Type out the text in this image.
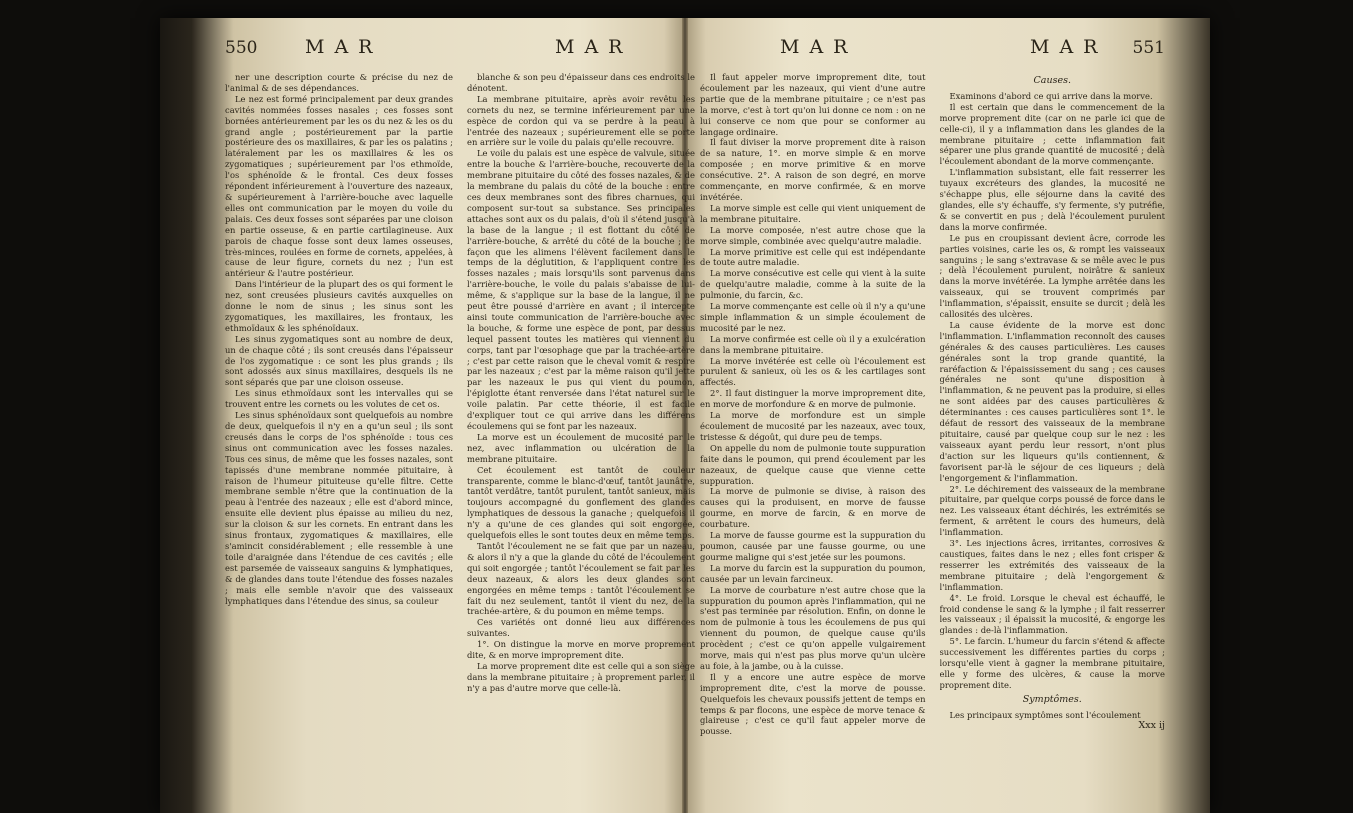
550	MAR	MAR

ner une description courte & précise du nez de l'animal & de ses dépendances.

Le nez est formé principalement par deux grandes cavités nommées fosses nasales ; ces fosses sont bornées antérieurement par les os du nez & les os du grand angle ; postérieurement par la partie postérieure des os maxillaires, & par les os palatins ; latéralement par les os maxillaires & les os zygomatiques ; supérieurement par l'os ethmoïde, l'os sphénoïde & le frontal. Ces deux fosses répondent inférieurement à l'ouverture des nazeaux, & supérieurement à l'arrière-bouche avec laquelle elles ont communication par le moyen du voile du palais. Ces deux fosses sont séparées par une cloison en partie osseuse, & en partie cartilagineuse. Aux parois de chaque fosse sont deux lames osseuses, très-minces, roulées en forme de cornets, appelées, à cause de leur figure, cornets du nez ; l'un est antérieur & l'autre postérieur.

Dans l'intérieur de la plupart des os qui forment le nez, sont creusées plusieurs cavités auxquelles on donne le nom de sinus ; les sinus sont les zygomatiques, les maxillaires, les frontaux, les ethmoïdaux & les sphénoïdaux.

Les sinus zygomatiques sont au nombre de deux, un de chaque côté ; ils sont creusés dans l'épaisseur de l'os zygomatique : ce sont les plus grands ; ils sont adossés aux sinus maxillaires, desquels ils ne sont séparés que par une cloison osseuse.

Les sinus ethmoïdaux sont les intervalles qui se trouvent entre les cornets ou les volutes de cet os.

Les sinus sphénoïdaux sont quelquefois au nombre de deux, quelquefois il n'y en a qu'un seul ; ils sont creusés dans le corps de l'os sphénoïde : tous ces sinus ont communication avec les fosses nazales. Tous ces sinus, de même que les fosses nazales, sont tapissés d'une membrane nommée pituitaire, à raison de l'humeur pituiteuse qu'elle filtre. Cette membrane semble n'être que la continuation de la peau à l'entrée des nazeaux ; elle est d'abord mince, ensuite elle devient plus épaisse au milieu du nez, sur la cloison & sur les cornets. En entrant dans les sinus frontaux, zygomatiques & maxillaires, elle s'amincit considérablement ; elle ressemble à une toile d'araignée dans l'étendue de ces cavités ; elle est parsemée de vaisseaux sanguins & lymphatiques, & de glandes dans toute l'étendue des fosses nazales ; mais elle semble n'avoir que des vaisseaux lymphatiques dans l'étendue des sinus, sa couleur

blanche & son peu d'épaisseur dans ces endroits le dénotent.

La membrane pituitaire, après avoir revêtu les cornets du nez, se termine inférieurement par une espèce de cordon qui va se perdre à la peau à l'entrée des nazeaux ; supérieurement elle se porte en arrière sur le voile du palais qu'elle recouvre.

Le voile du palais est une espèce de valvule, située entre la bouche & l'arrière-bouche, recouverte de la membrane pituitaire du côté des fosses nazales, & de la membrane du palais du côté de la bouche : entre ces deux membranes sont des fibres charnues, qui composent sur-tout sa substance. Ses principales attaches sont aux os du palais, d'où il s'étend jusqu'à la base de la langue ; il est flottant du côté de l'arrière-bouche, & arrêté du côté de la bouche ; de façon que les alimens l'élèvent facilement dans le temps de la déglutition, & l'appliquent contre les fosses nazales ; mais lorsqu'ils sont parvenus dans l'arrière-bouche, le voile du palais s'abaisse de lui-même, & s'applique sur la base de la langue, il ne peut être poussé d'arrière en avant ; il intercepte ainsi toute communication de l'arrière-bouche avec la bouche, & forme une espèce de pont, par dessus lequel passent toutes les matières qui viennent du corps, tant par l'œsophage que par la trachée-artère ; c'est par cette raison que le cheval vomit & respire par les nazeaux ; c'est par la même raison qu'il jette par les nazeaux le pus qui vient du poumon, l'épiglotte étant renversée dans l'état naturel sur le voile palatin. Par cette théorie, il est facile d'expliquer tout ce qui arrive dans les différens écoulemens qui se font par les nazeaux.

La morve est un écoulement de mucosité par le nez, avec inflammation ou ulcération de la membrane pituitaire.

Cet écoulement est tantôt de couleur transparente, comme le blanc-d'œuf, tantôt jaunâtre, tantôt verdâtre, tantôt purulent, tantôt sanieux, mais toujours accompagné du gonflement des glandes lymphatiques de dessous la ganache ; quelquefois il n'y a qu'une de ces glandes qui soit engorgée, quelquefois elles le sont toutes deux en même temps.

Tantôt l'écoulement ne se fait que par un nazeau, & alors il n'y a que la glande du côté de l'écoulement qui soit engorgée ; tantôt l'écoulement se fait par les deux nazeaux, & alors les deux glandes sont engorgées en même temps : tantôt l'écoulement se fait du nez seulement, tantôt il vient du nez, de la trachée-artère, & du poumon en même temps.

Ces variétés ont donné lieu aux différences suivantes.

1°. On distingue la morve en morve proprement dite, & en morve improprement dite.

La morve proprement dite est celle qui a son siège dans la membrane pituitaire ; à proprement parler, il n'y a pas d'autre morve que celle-là.

MAR	MAR 551

Il faut appeler morve improprement dite, tout écoulement par les nazeaux, qui vient d'une autre partie que de la membrane pituitaire ; ce n'est pas la morve, c'est à tort qu'on lui donne ce nom : on ne lui conserve ce nom que pour se conformer au langage ordinaire.

Il faut diviser la morve proprement dite à raison de sa nature, 1°. en morve simple & en morve composée ; en morve primitive & en morve consécutive. 2°. A raison de son degré, en morve commençante, en morve confirmée, & en morve invétérée.

La morve simple est celle qui vient uniquement de la membrane pituitaire.

La morve composée, n'est autre chose que la morve simple, combinée avec quelqu'autre maladie.

La morve primitive est celle qui est indépendante de toute autre maladie.

La morve consécutive est celle qui vient à la suite de quelqu'autre maladie, comme à la suite de la pulmonie, du farcin, &c.

La morve commençante est celle où il n'y a qu'une simple inflammation & un simple écoulement de mucosité par le nez.

La morve confirmée est celle où il y a exulcération dans la membrane pituitaire.

La morve invétérée est celle où l'écoulement est purulent & sanieux, où les os & les cartilages sont affectés.

2°. Il faut distinguer la morve improprement dite, en morve de morfondure & en morve de pulmonie.

La morve de morfondure est un simple écoulement de mucosité par les nazeaux, avec toux, tristesse & dégoût, qui dure peu de temps.

On appelle du nom de pulmonie toute suppuration faite dans le poumon, qui prend écoulement par les nazeaux, de quelque cause que vienne cette suppuration.

La morve de pulmonie se divise, à raison des causes qui la produisent, en morve de fausse gourme, en morve de farcin, & en morve de courbature.

La morve de fausse gourme est la suppuration du poumon, causée par une fausse gourme, ou une gourme maligne qui s'est jetée sur les poumons.

La morve du farcin est la suppuration du poumon, causée par un levain farcineux.

La morve de courbature n'est autre chose que la suppuration du poumon après l'inflammation, qui ne s'est pas terminée par résolution. Enfin, on donne le nom de pulmonie à tous les écoulemens de pus qui viennent du poumon, de quelque cause qu'ils procèdent ; c'est ce qu'on appelle vulgairement morve, mais qui n'est pas plus morve qu'un ulcère au foie, à la jambe, ou à la cuisse.

Il y a encore une autre espèce de morve improprement dite, c'est la morve de pousse. Quelquefois les chevaux poussifs jettent de temps en temps & par flocons, une espèce de morve tenace & glaireuse ; c'est ce qu'il faut appeler morve de pousse.

Causes.

Examinons d'abord ce qui arrive dans la morve.

Il est certain que dans le commencement de la morve proprement dite (car on ne parle ici que de celle-ci), il y a inflammation dans les glandes de la membrane pituitaire ; cette inflammation fait séparer une plus grande quantité de mucosité ; delà l'écoulement abondant de la morve commençante.

L'inflammation subsistant, elle fait resserrer les tuyaux excréteurs des glandes, la mucosité ne s'échappe plus, elle séjourne dans la cavité des glandes, elle s'y échauffe, s'y fermente, s'y putréfie, & se convertit en pus ; delà l'écoulement purulent dans la morve confirmée.

Le pus en croupissant devient âcre, corrode les parties voisines, carie les os, & rompt les vaisseaux sanguins ; le sang s'extravase & se mêle avec le pus ; delà l'écoulement purulent, noirâtre & sanieux dans la morve invétérée. La lymphe arrêtée dans les vaisseaux, qui se trouvent comprimés par l'inflammation, s'épaissit, ensuite se durcit ; delà les callosités des ulcères.

La cause évidente de la morve est donc l'inflammation. L'inflammation reconnoît des causes générales & des causes particulières. Les causes générales sont la trop grande quantité, la raréfaction & l'épaississement du sang ; ces causes générales ne sont qu'une disposition à l'inflammation, & ne peuvent pas la produire, si elles ne sont aidées par des causes particulières & déterminantes : ces causes particulières sont 1°. le défaut de ressort des vaisseaux de la membrane pituitaire, causé par quelque coup sur le nez : les vaisseaux ayant perdu leur ressort, n'ont plus d'action sur les liqueurs qu'ils contiennent, & favorisent par-là le séjour de ces liqueurs ; delà l'engorgement & l'inflammation.

2°. Le déchirement des vaisseaux de la membrane pituitaire, par quelque corps poussé de force dans le nez. Les vaisseaux étant déchirés, les extrémités se ferment, & arrêtent le cours des humeurs, delà l'inflammation.

3°. Les injections âcres, irritantes, corrosives & caustiques, faites dans le nez ; elles font crisper & resserrer les extrémités des vaisseaux de la membrane pituitaire ; delà l'engorgement & l'inflammation.

4°. Le froid. Lorsque le cheval est échauffé, le froid condense le sang & la lymphe ; il fait resserrer les vaisseaux ; il épaissit la mucosité, & engorge les glandes : de-là l'inflammation.

5°. Le farcin. L'humeur du farcin s'étend & affecte successivement les différentes parties du corps ; lorsqu'elle vient à gagner la membrane pituitaire, elle y forme des ulcères, & cause la morve proprement dite.

Symptômes.

Les principaux symptômes sont l'écoulement

Xxx ij
